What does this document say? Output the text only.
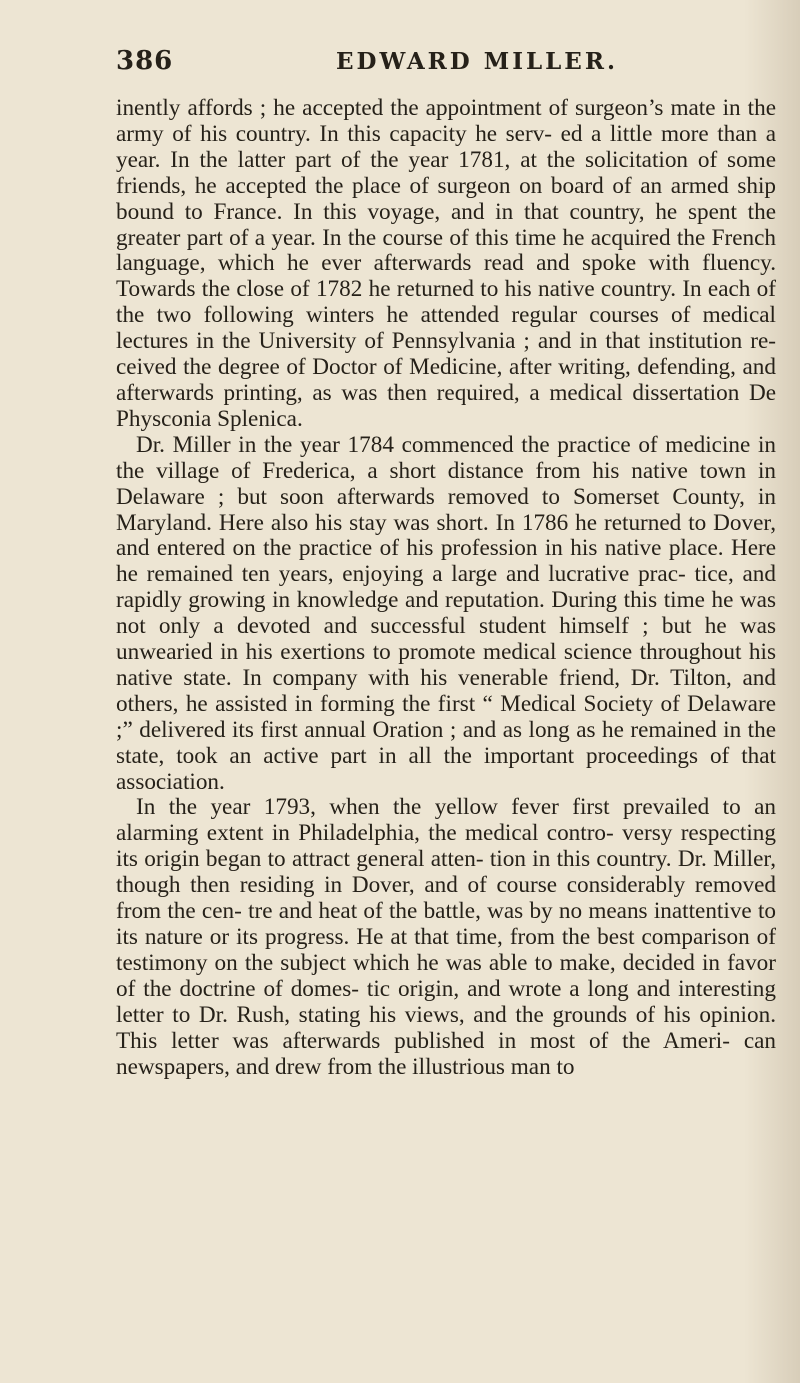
386	EDWARD MILLER.

inently affords ; he accepted the appointment of surgeon’s mate in the army of his country. In this capacity he serv- ed a little more than a year. In the latter part of the year 1781, at the solicitation of some friends, he accepted the place of surgeon on board of an armed ship bound to France. In this voyage, and in that country, he spent the greater part of a year. In the course of this time he acquired the French language, which he ever afterwards read and spoke with fluency. Towards the close of 1782 he returned to his native country. In each of the two following winters he attended regular courses of medical lectures in the University of Pennsylvania ; and in that institution re- ceived the degree of Doctor of Medicine, after writing, defending, and afterwards printing, as was then required, a medical dissertation De Physconia Splenica.

Dr. Miller in the year 1784 commenced the practice of medicine in the village of Frederica, a short distance from his native town in Delaware ; but soon afterwards removed to Somerset County, in Maryland. Here also his stay was short. In 1786 he returned to Dover, and entered on the practice of his profession in his native place. Here he remained ten years, enjoying a large and lucrative prac- tice, and rapidly growing in knowledge and reputation. During this time he was not only a devoted and successful student himself ; but he was unwearied in his exertions to promote medical science throughout his native state. In company with his venerable friend, Dr. Tilton, and others, he assisted in forming the first “ Medical Society of Delaware ;” delivered its first annual Oration ; and as long as he remained in the state, took an active part in all the important proceedings of that association.

In the year 1793, when the yellow fever first prevailed to an alarming extent in Philadelphia, the medical contro- versy respecting its origin began to attract general atten- tion in this country. Dr. Miller, though then residing in Dover, and of course considerably removed from the cen- tre and heat of the battle, was by no means inattentive to its nature or its progress. He at that time, from the best comparison of testimony on the subject which he was able to make, decided in favor of the doctrine of domes- tic origin, and wrote a long and interesting letter to Dr. Rush, stating his views, and the grounds of his opinion. This letter was afterwards published in most of the Ameri- can newspapers, and drew from the illustrious man to
